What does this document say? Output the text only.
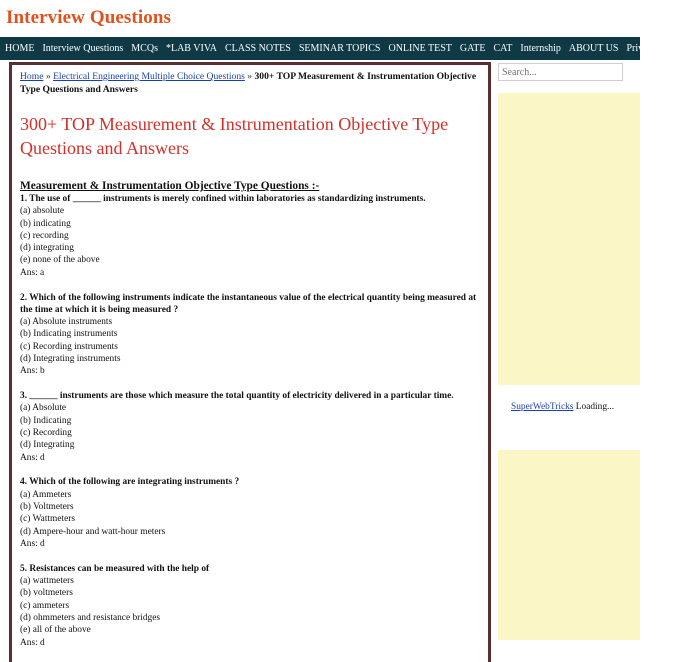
Interview Questions
HOME Interview Questions MCQs *LAB VIVA CLASS NOTES SEMINAR TOPICS ONLINE TEST GATE CAT Internship ABOUT US Privacy Policy
Home » Electrical Engineering Multiple Choice Questions » 300+ TOP Measurement & Instrumentation Objective Type Questions and Answers
300+ TOP Measurement & Instrumentation Objective Type Questions and Answers
Measurement & Instrumentation Objective Type Questions :-
1. The use of ______ instruments is merely confined within laboratories as standardizing instruments.
(a) absolute
(b) indicating
(c) recording
(d) integrating
(e) none of the above
Ans: a
2. Which of the following instruments indicate the instantaneous value of the electrical quantity being measured at the time at which it is being measured ?
(a) Absolute instruments
(b) Indicating instruments
(c) Recording instruments
(d) Integrating instruments
Ans: b
3. ______ instruments are those which measure the total quantity of electricity delivered in a particular time.
(a) Absolute
(b) Indicating
(c) Recording
(d) Integrating
Ans: d
4. Which of the following are integrating instruments ?
(a) Ammeters
(b) Voltmeters
(c) Wattmeters
(d) Ampere-hour and watt-hour meters
Ans: d
5. Resistances can be measured with the help of
(a) wattmeters
(b) voltmeters
(c) ammeters
(d) ohmmeters and resistance bridges
(e) all of the above
Ans: d
Search...
SuperWebTricks Loading...
